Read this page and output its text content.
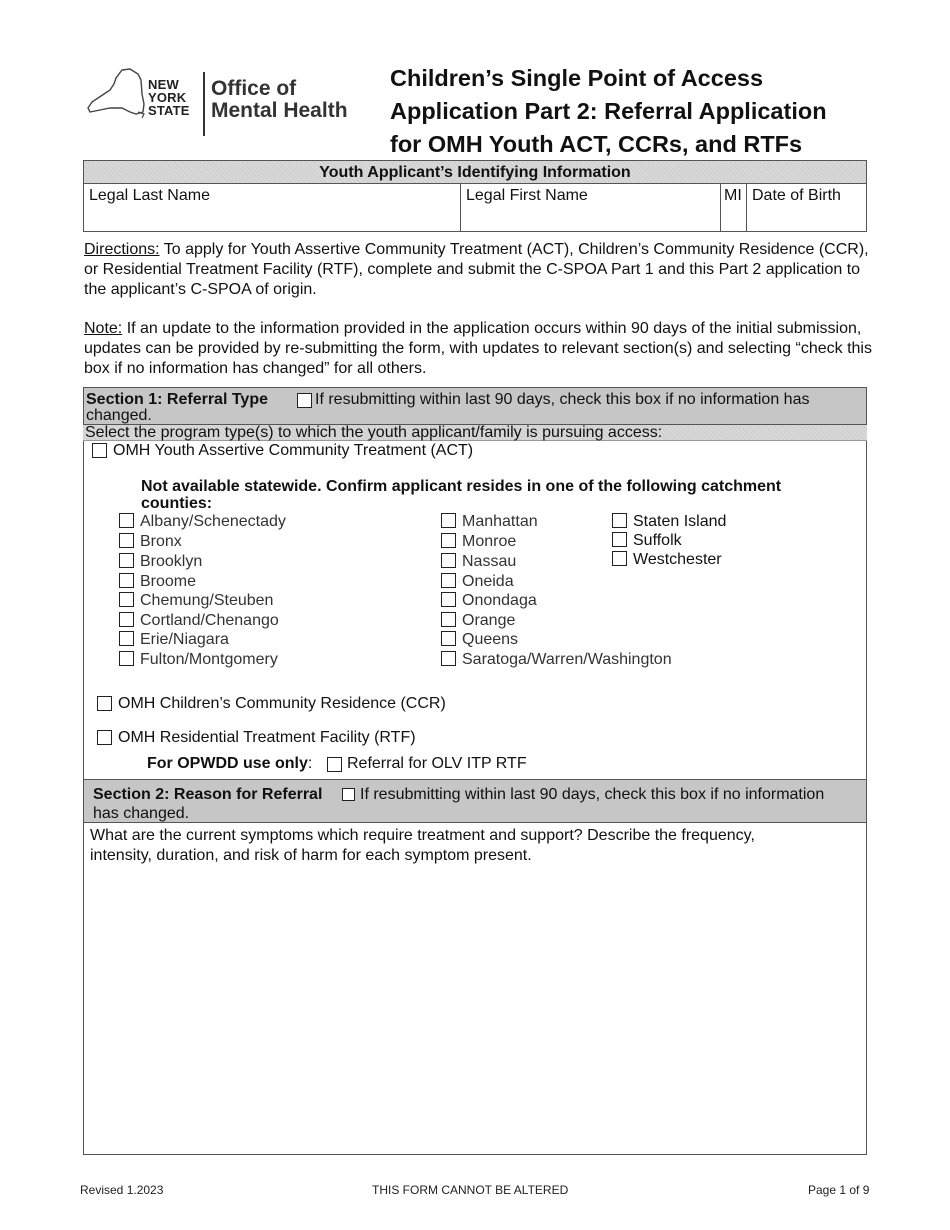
NEW
YORK
STATE
Office of
Mental Health
Children’s Single Point of Access
Application Part 2: Referral Application
for OMH Youth ACT, CCRs, and RTFs
Youth Applicant’s Identifying Information
Legal Last Name	Legal First Name	MI Date of Birth
Directions: To apply for Youth Assertive Community Treatment (ACT), Children’s Community Residence (CCR), or Residential Treatment Facility (RTF), complete and submit the C-SPOA Part 1 and this Part 2 application to the applicant’s C-SPOA of origin.
Note: If an update to the information provided in the application occurs within 90 days of the initial submission, updates can be provided by re-submitting the form, with updates to relevant section(s) and selecting “check this box if no information has changed” for all others.
Section 1: Referral Type	If resubmitting within last 90 days, check this box if no information has
changed.
Select the program type(s) to which the youth applicant/family is pursuing access:
OMH Youth Assertive Community Treatment (ACT)
Not available statewide. Confirm applicant resides in one of the following catchment
counties:
Albany/Schenectady
Bronx
Brooklyn
Broome
Chemung/Steuben
Cortland/Chenango
Erie/Niagara
Fulton/Montgomery
Manhattan
Monroe
Nassau
Oneida
Onondaga
Orange
Queens
Saratoga/Warren/Washington
Staten Island
Suffolk
Westchester
OMH Children’s Community Residence (CCR)
OMH Residential Treatment Facility (RTF)
For OPWDD use only: Referral for OLV ITP RTF
Section 2: Reason for Referral If resubmitting within last 90 days, check this box if no information
has changed.
What are the current symptoms which require treatment and support? Describe the frequency,
intensity, duration, and risk of harm for each symptom present.
Revised 1.2023	THIS FORM CANNOT BE ALTERED	Page 1 of 9
